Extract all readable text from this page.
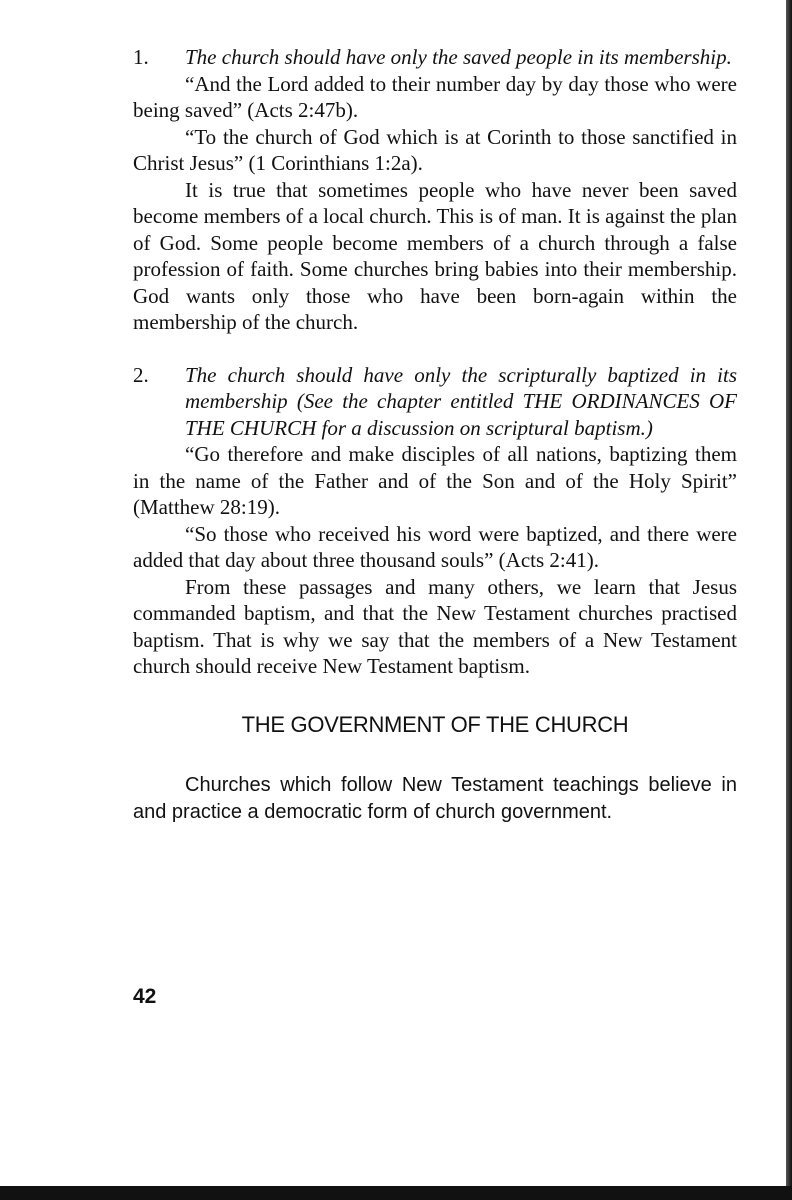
1.	The church should have only the saved people in its membership.

“And the Lord added to their number day by day those who were being saved” (Acts 2:47b).

“To the church of God which is at Corinth to those sanctified in Christ Jesus” (1 Corinthians 1:2a).

It is true that sometimes people who have never been saved become members of a local church. This is of man. It is against the plan of God. Some people become members of a church through a false profession of faith. Some churches bring babies into their membership. God wants only those who have been born-again within the membership of the church.

2.	The church should have only the scripturally baptized in its membership (See the chapter entitled THE ORDINANCES OF THE CHURCH for a discussion on scriptural baptism.)

“Go therefore and make disciples of all nations, baptizing them in the name of the Father and of the Son and of the Holy Spirit” (Matthew 28:19).

“So those who received his word were baptized, and there were added that day about three thousand souls” (Acts 2:41).

From these passages and many others, we learn that Jesus commanded baptism, and that the New Testament churches practised baptism. That is why we say that the members of a New Testament church should receive New Testament baptism.

THE GOVERNMENT OF THE CHURCH

Churches which follow New Testament teachings believe in and practice a democratic form of church government.

42
